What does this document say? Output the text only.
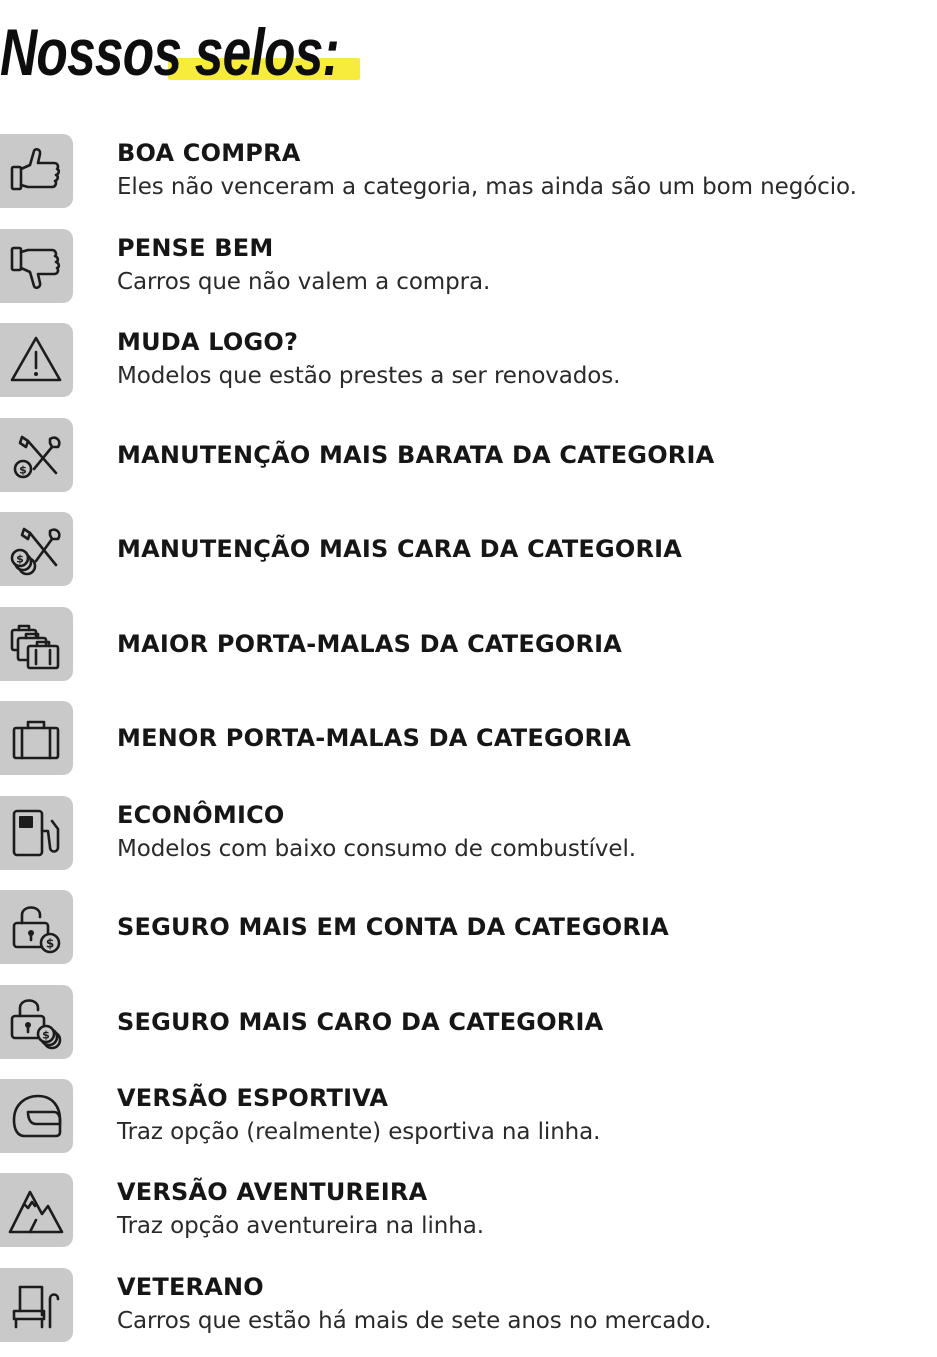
Nossos selos:
BOA COMPRA
Eles não venceram a categoria, mas ainda são um bom negócio.
PENSE BEM
Carros que não valem a compra.
MUDA LOGO?
Modelos que estão prestes a ser renovados.
$
MANUTENÇÃO MAIS BARATA DA CATEGORIA
$	MANUTENÇÃO MAIS CARA DA CATEGORIA
MAIOR PORTA-MALAS DA CATEGORIA
MENOR PORTA-MALAS DA CATEGORIA
ECONÔMICO
Modelos com baixo consumo de combustível.
$
SEGURO MAIS EM CONTA DA CATEGORIA
$	SEGURO MAIS CARO DA CATEGORIA
VERSÃO ESPORTIVA
Traz opção (realmente) esportiva na linha.
VERSÃO AVENTUREIRA
Traz opção aventureira na linha.
VETERANO
Carros que estão há mais de sete anos no mercado.
